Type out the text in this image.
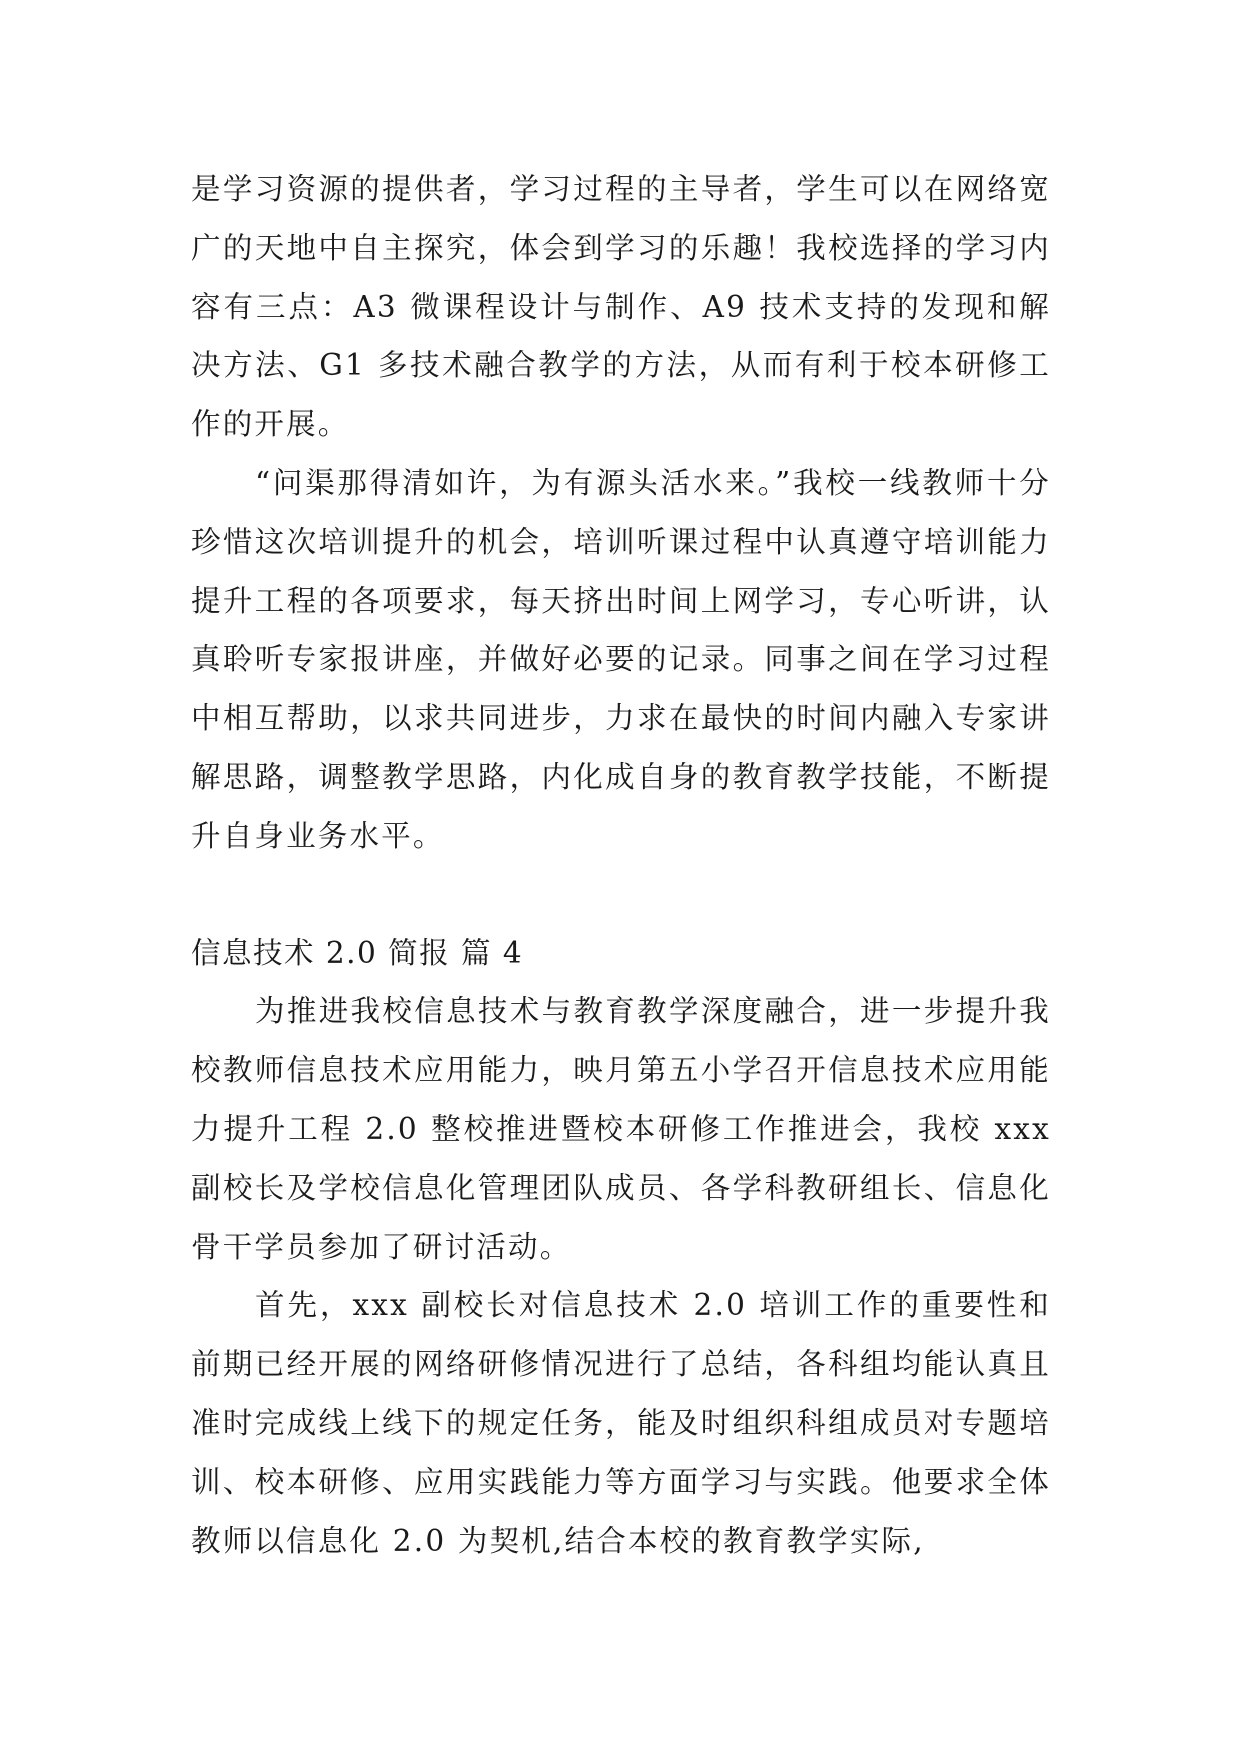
是学习资源的提供者，学习过程的主导者，学生可以在网络宽广的天地中自主探究，体会到学习的乐趣！我校选择的学习内容有三点：A3 微课程设计与制作、A9 技术支持的发现和解决方法、G1 多技术融合教学的方法，从而有利于校本研修工作的开展。

“问渠那得清如许，为有源头活水来。”我校一线教师十分珍惜这次培训提升的机会，培训听课过程中认真遵守培训能力提升工程的各项要求，每天挤出时间上网学习，专心听讲，认真聆听专家报讲座，并做好必要的记录。同事之间在学习过程中相互帮助，以求共同进步，力求在最快的时间内融入专家讲解思路，调整教学思路，内化成自身的教育教学技能，不断提升自身业务水平。

信息技术 2.0 简报 篇 4

为推进我校信息技术与教育教学深度融合，进一步提升我校教师信息技术应用能力，映月第五小学召开信息技术应用能力提升工程 2.0 整校推进暨校本研修工作推进会，我校 xxx 副校长及学校信息化管理团队成员、各学科教研组长、信息化骨干学员参加了研讨活动。

首先，xxx 副校长对信息技术 2.0 培训工作的重要性和前期已经开展的网络研修情况进行了总结，各科组均能认真且准时完成线上线下的规定任务，能及时组织科组成员对专题培训、校本研修、应用实践能力等方面学习与实践。他要求全体教师以信息化 2.0 为契机,结合本校的教育教学实际,
